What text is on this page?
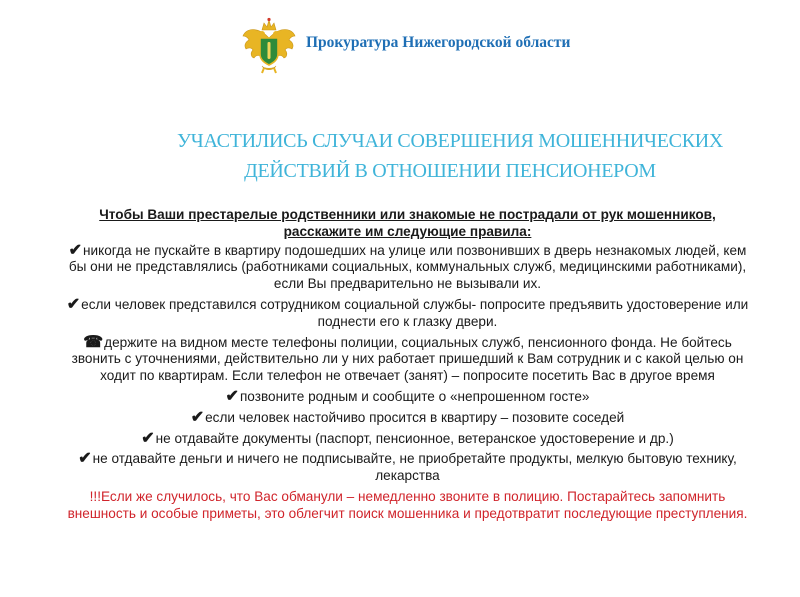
Прокуратура Нижегородской области
УЧАСТИЛИСЬ СЛУЧАИ СОВЕРШЕНИЯ МОШЕННИЧЕСКИХ
ДЕЙСТВИЙ В ОТНОШЕНИИ ПЕНСИОНЕРОМ
Чтобы Ваши престарелые родственники или знакомые не пострадали от рук мошенников,
расскажите им следующие правила:
✔никогда не пускайте в квартиру подошедших на улице или позвонивших в дверь незнакомых людей, кем бы они не представлялись (работниками социальных, коммунальных служб, медицинскими работниками), если Вы предварительно не вызывали их.
✔если человек представился сотрудником социальной службы- попросите предъявить удостоверение или поднести его к глазку двери.
☎держите на видном месте телефоны полиции, социальных служб, пенсионного фонда. Не бойтесь звонить с уточнениями, действительно ли у них работает пришедший к Вам сотрудник и с какой целью он ходит по квартирам. Если телефон не отвечает (занят) – попросите посетить Вас в другое время
✔позвоните родным и сообщите о «непрошенном госте»
✔если человек настойчиво просится в квартиру – позовите соседей
✔не отдавайте документы (паспорт, пенсионное, ветеранское удостоверение и др.)
✔не отдавайте деньги и ничего не подписывайте, не приобретайте продукты, мелкую бытовую технику, лекарства
!!!Если же случилось, что Вас обманули – немедленно звоните в полицию. Постарайтесь запомнить внешность и особые приметы, это облегчит поиск мошенника и предотвратит последующие преступления.
